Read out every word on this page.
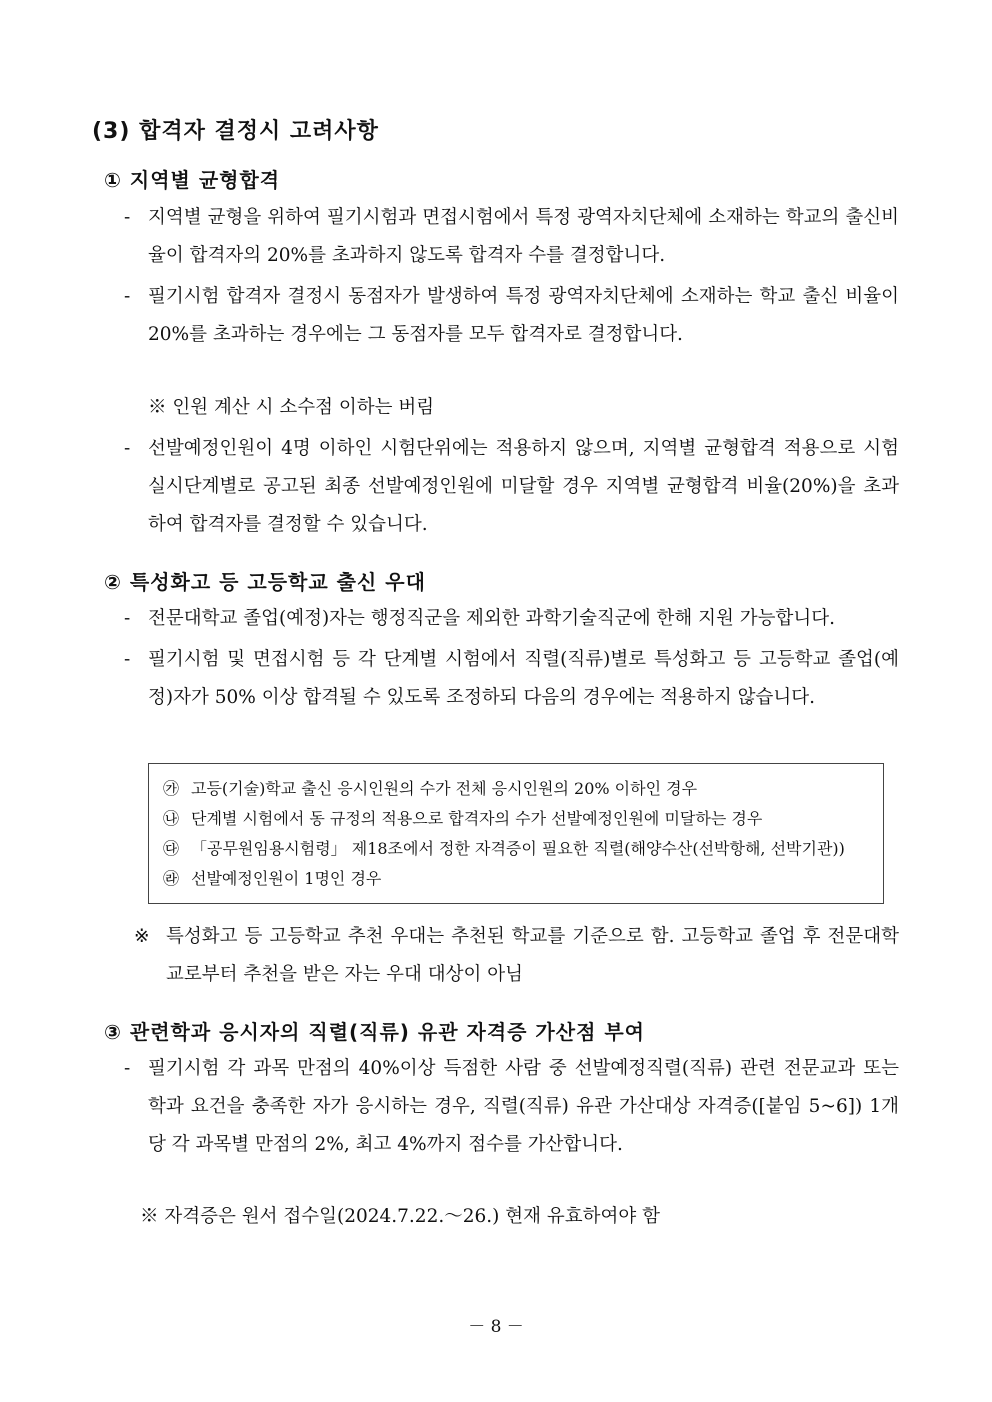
(3) 합격자 결정시 고려사항
① 지역별 균형합격
- 지역별 균형을 위하여 필기시험과 면접시험에서 특정 광역자치단체에 소재하는 학교의 출신비율이 합격자의 20%를 초과하지 않도록 합격자 수를 결정합니다.
- 필기시험 합격자 결정시 동점자가 발생하여 특정 광역자치단체에 소재하는 학교 출신 비율이 20%를 초과하는 경우에는 그 동점자를 모두 합격자로 결정합니다.
※ 인원 계산 시 소수점 이하는 버림
- 선발예정인원이 4명 이하인 시험단위에는 적용하지 않으며, 지역별 균형합격 적용으로 시험 실시단계별로 공고된 최종 선발예정인원에 미달할 경우 지역별 균형합격 비율(20%)을 초과하여 합격자를 결정할 수 있습니다.
② 특성화고 등 고등학교 출신 우대
- 전문대학교 졸업(예정)자는 행정직군을 제외한 과학기술직군에 한해 지원 가능합니다.
- 필기시험 및 면접시험 등 각 단계별 시험에서 직렬(직류)별로 특성화고 등 고등학교 졸업(예정)자가 50% 이상 합격될 수 있도록 조정하되 다음의 경우에는 적용하지 않습니다.
㉮ 고등(기술)학교 출신 응시인원의 수가 전체 응시인원의 20% 이하인 경우
㉯ 단계별 시험에서 동 규정의 적용으로 합격자의 수가 선발예정인원에 미달하는 경우
㉰ 「공무원임용시험령」 제18조에서 정한 자격증이 필요한 직렬(해양수산(선박항해, 선박기관))
㉱ 선발예정인원이 1명인 경우
※ 특성화고 등 고등학교 추천 우대는 추천된 학교를 기준으로 함. 고등학교 졸업 후 전문대학교로부터 추천을 받은 자는 우대 대상이 아님
③ 관련학과 응시자의 직렬(직류) 유관 자격증 가산점 부여
- 필기시험 각 과목 만점의 40%이상 득점한 사람 중 선발예정직렬(직류) 관련 전문교과 또는 학과 요건을 충족한 자가 응시하는 경우, 직렬(직류) 유관 가산대상 자격증([붙임 5~6]) 1개당 각 과목별 만점의 2%, 최고 4%까지 점수를 가산합니다.
※ 자격증은 원서 접수일(2024.7.22.～26.) 현재 유효하여야 함
－ 8 －
